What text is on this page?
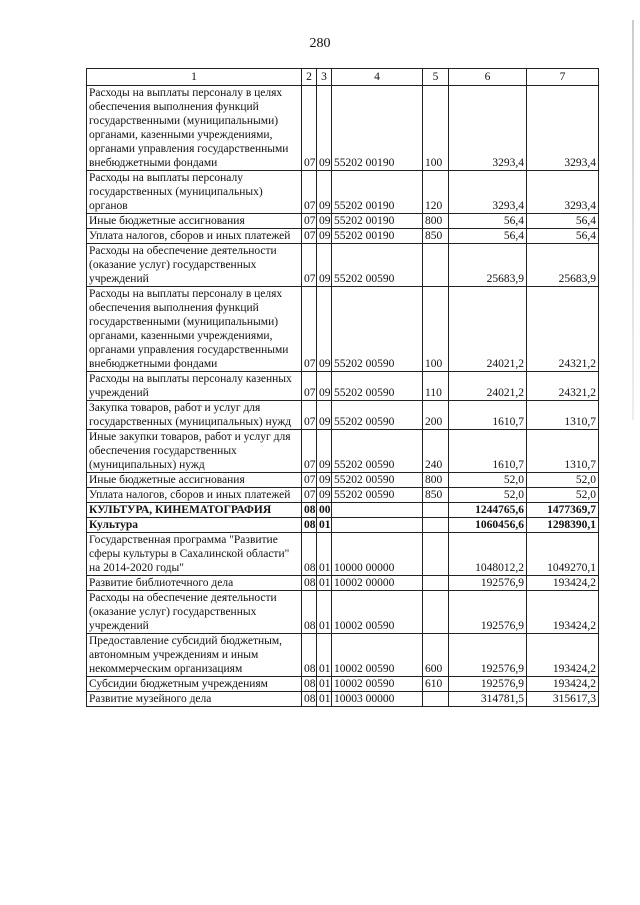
280
1	2	3	4	5	6	7
Расходы на выплаты персоналу в целях обеспечения выполнения функций государственными (муниципальными) органами, казенными учреждениями, органами управления государственными внебюджетными фондами	07	09	55202 00190	100	3293,4	3293,4
Расходы на выплаты персоналу государственных (муниципальных) органов	07	09	55202 00190	120	3293,4	3293,4
Иные бюджетные ассигнования	07	09	55202 00190	800	56,4	56,4
Уплата налогов, сборов и иных платежей	07	09	55202 00190	850	56,4	56,4
Расходы на обеспечение деятельности (оказание услуг) государственных учреждений	07	09	55202 00590		25683,9	25683,9
Расходы на выплаты персоналу в целях обеспечения выполнения функций государственными (муниципальными) органами, казенными учреждениями, органами управления государственными внебюджетными фондами	07	09	55202 00590	100	24021,2	24321,2
Расходы на выплаты персоналу казенных учреждений	07	09	55202 00590	110	24021,2	24321,2
Закупка товаров, работ и услуг для государственных (муниципальных) нужд	07	09	55202 00590	200	1610,7	1310,7
Иные закупки товаров, работ и услуг для обеспечения государственных (муниципальных) нужд	07	09	55202 00590	240	1610,7	1310,7
Иные бюджетные ассигнования	07	09	55202 00590	800	52,0	52,0
Уплата налогов, сборов и иных платежей	07	09	55202 00590	850	52,0	52,0
КУЛЬТУРА, КИНЕМАТОГРАФИЯ	08	00			1244765,6	1477369,7
Культура	08	01			1060456,6	1298390,1
Государственная программа "Развитие сферы культуры в Сахалинской области" на 2014-2020 годы"	08	01	10000 00000		1048012,2	1049270,1
Развитие библиотечного дела	08	01	10002 00000		192576,9	193424,2
Расходы на обеспечение деятельности (оказание услуг) государственных учреждений	08	01	10002 00590		192576,9	193424,2
Предоставление субсидий бюджетным, автономным учреждениям и иным некоммерческим организациям	08	01	10002 00590	600	192576,9	193424,2
Субсидии бюджетным учреждениям	08	01	10002 00590	610	192576,9	193424,2
Развитие музейного дела	08	01	10003 00000		314781,5	315617,3
